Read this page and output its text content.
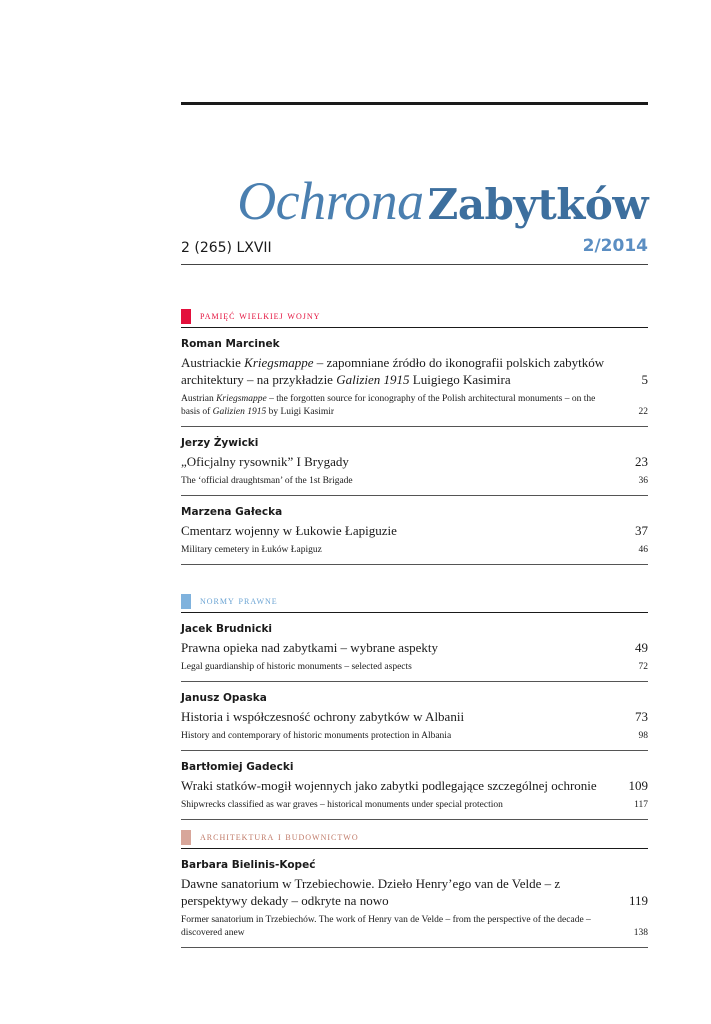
Ochrona Zabytków
2 (265) LXVII	2/2014
pamięć wielkiej wojny
Roman Marcinek
Austriackie Kriegsmappe – zapomniane źródło do ikonografii polskich zabytków architektury – na przykładzie Galizien 1915 Luigiego Kasimira	5
Austrian Kriegsmappe – the forgotten source for iconography of the Polish architectural monuments – on the basis of Galizien 1915 by Luigi Kasimir	22
Jerzy Żywicki
„Oficjalny rysownik” I Brygady	23
The ‘official draughtsman’ of the 1st Brigade	36
Marzena Gałecka
Cmentarz wojenny w Łukowie Łapiguzie	37
Military cemetery in Łuków Łapiguz	46
normy prawne
Jacek Brudnicki
Prawna opieka nad zabytkami – wybrane aspekty	49
Legal guardianship of historic monuments – selected aspects	72
Janusz Opaska
Historia i współczesność ochrony zabytków w Albanii	73
History and contemporary of historic monuments protection in Albania	98
Bartłomiej Gadecki
Wraki statków-mogił wojennych jako zabytki podlegające szczególnej ochronie 109
Shipwrecks classified as war graves – historical monuments under special protection	117
architektura i budownictwo
Barbara Bielinis-Kopeć
Dawne sanatorium w Trzebiechowie. Dzieło Henry’ego van de Velde – z perspektywy dekady – odkryte na nowo	119
Former sanatorium in Trzebiechów. The work of Henry van de Velde – from the perspective of the decade – discovered anew	138
